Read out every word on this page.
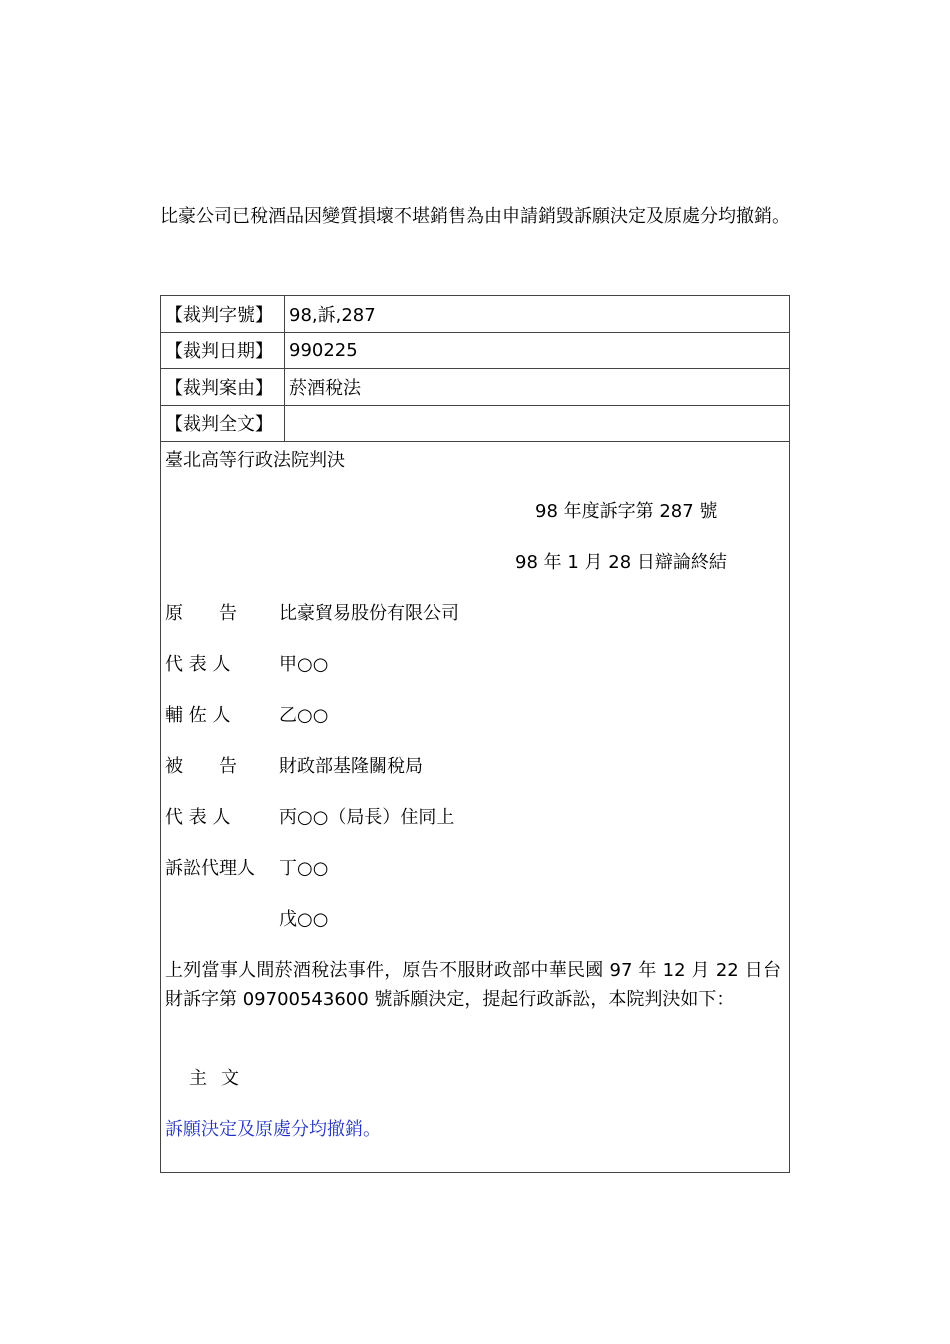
比豪公司已稅酒品因變質損壞不堪銷售為由申請銷毀訴願決定及原處分均撤銷。
【裁判字號】 98,訴,287
【裁判日期】 990225
【裁判案由】 菸酒稅法
【裁判全文】
臺北高等行政法院判決
98 年度訴字第 287 號
98 年 1 月 28 日辯論終結
原　　告	比豪貿易股份有限公司
代 表 人	甲○○
輔 佐 人	乙○○
被　　告	財政部基隆關稅局
代 表 人	丙○○（局長）住同上
訴訟代理人	丁○○
戊○○
上列當事人間菸酒稅法事件，原告不服財政部中華民國 97 年 12 月 22 日台財訴字第 09700543600 號訴願決定，提起行政訴訟，本院判決如下：
主文
訴願決定及原處分均撤銷。
